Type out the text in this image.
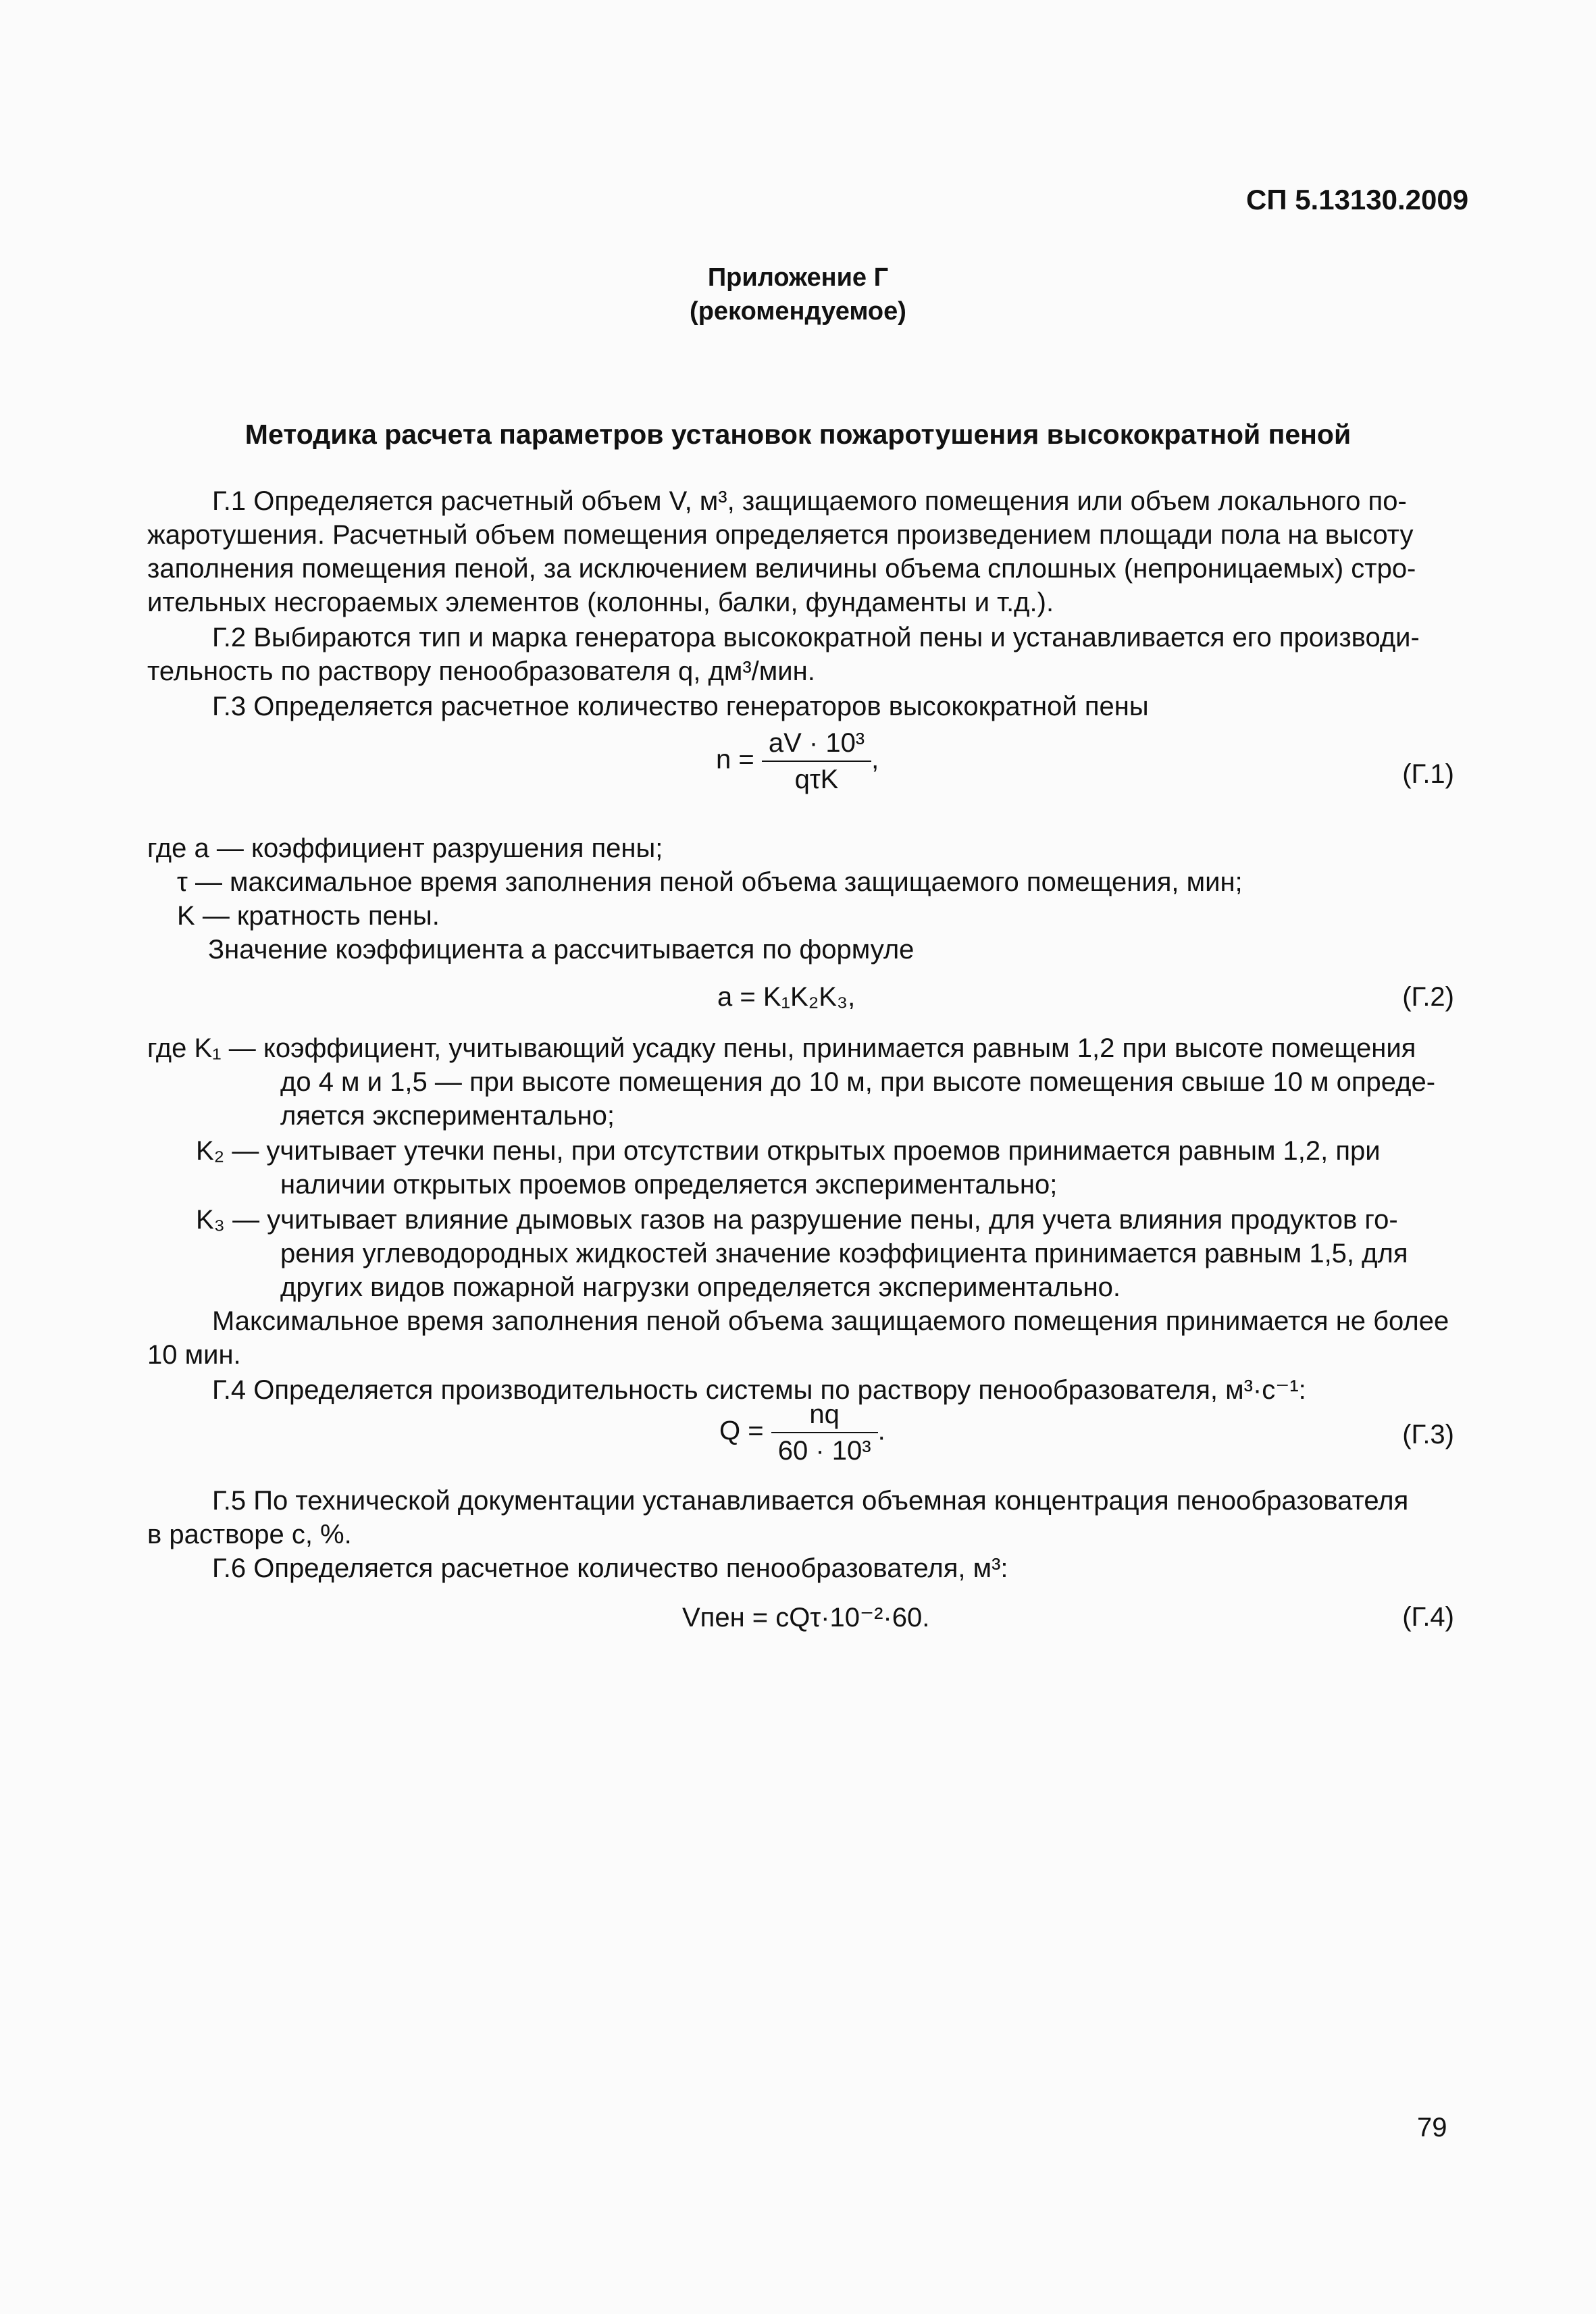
СП 5.13130.2009
Приложение Г
(рекомендуемое)
Методика расчета параметров установок пожаротушения высокократной пеной
Г.1 Определяется расчетный объем V, м³, защищаемого помещения или объем локального по-
жаротушения. Расчетный объем помещения определяется произведением площади пола на высоту
заполнения помещения пеной, за исключением величины объема сплошных (непроницаемых) стро-
ительных несгораемых элементов (колонны, балки, фундаменты и т.д.).
Г.2 Выбираются тип и марка генератора высокократной пены и устанавливается его производи-
тельность по раствору пенообразователя q, дм³/мин.
Г.3 Определяется расчетное количество генераторов высокократной пены
$n = \frac{\text{aV · 10³}}{\text{qτK}}$ ,	(Г.1)
где a — коэффициент разрушения пены;
τ — максимальное время заполнения пеной объема защищаемого помещения, мин;
K — кратность пены.
Значение коэффициента a рассчитывается по формуле
a = K₁K₂K₃,	(Г.2)
где K₁ — коэффициент, учитывающий усадку пены, принимается равным 1,2 при высоте помещения
до 4 м и 1,5 — при высоте помещения до 10 м, при высоте помещения свыше 10 м опреде-
ляется экспериментально;
K₂ — учитывает утечки пены, при отсутствии открытых проемов принимается равным 1,2, при
наличии открытых проемов определяется экспериментально;
K₃ — учитывает влияние дымовых газов на разрушение пены, для учета влияния продуктов го-
рения углеводородных жидкостей значение коэффициента принимается равным 1,5, для
других видов пожарной нагрузки определяется экспериментально.
Максимальное время заполнения пеной объема защищаемого помещения принимается не более
10 мин.
Г.4 Определяется производительность системы по раствору пенообразователя, м³·с⁻¹:
$Q = \frac{nq}{\text{60 · 10³}}$ .	(Г.3)
Г.5 По технической документации устанавливается объемная концентрация пенообразователя
в растворе c, %.
Г.6 Определяется расчетное количество пенообразователя, м³:
Vпен = cQτ·10⁻²·60.	(Г.4)
79
